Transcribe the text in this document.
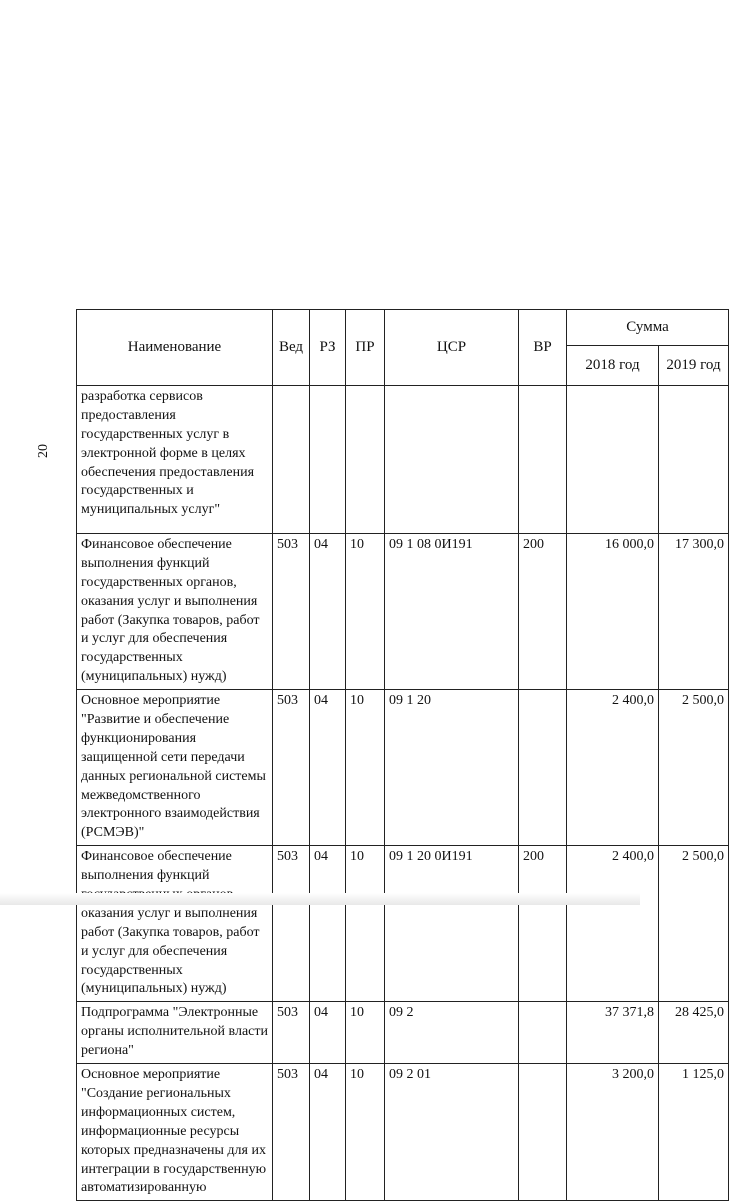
20
Наименование	Вед	РЗ	ПР	ЦСР	ВР	Сумма	
						2018 год	2019 год
разработка сервисов предоставления государственных услуг в электронной форме в целях обеспечения предоставления государственных и муниципальных услуг"							
Финансовое обеспечение выполнения функций государственных органов, оказания услуг и выполнения работ (Закупка товаров, работ и услуг для обеспечения государственных (муниципальных) нужд)	503	04	10	09 1 08 0И191	200	16 000,0	17 300,0
Основное мероприятие "Развитие и обеспечение функционирования защищенной сети передачи данных региональной системы межведомственного электронного взаимодействия (РСМЭВ)"	503	04	10	09 1 20		2 400,0	2 500,0
Финансовое обеспечение выполнения функций оказания услуг и выполнения работ (Закупка товаров, работ и услуг для обеспечения государственных (муниципальных) нужд)	503	04	10	09 1 20 0И191	200	2 400,0	2 500,0
Подпрограмма "Электронные органы исполнительной власти региона"	503	04	10	09 2		37 371,8	28 425,0
Основное мероприятие "Создание региональных информационных систем, информационные ресурсы которых предназначены для их интеграции в государственную автоматизированную	503	04	10	09 2 01		3 200,0	1 125,0
